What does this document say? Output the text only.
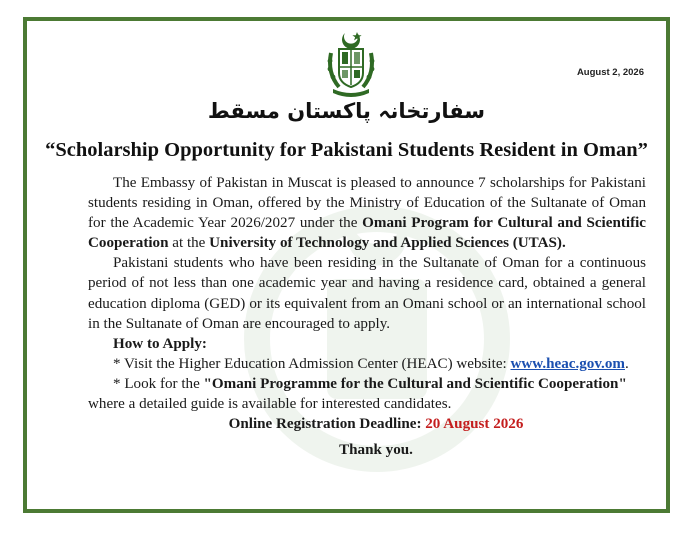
August 2, 2026
سفارتخانہ پاکستان مسقط
“Scholarship Opportunity for Pakistani Students Resident in Oman”

The Embassy of Pakistan in Muscat is pleased to announce 7 scholarships for Pakistani students residing in Oman, offered by the Ministry of Education of the Sultanate of Oman for the Academic Year 2026/2027 under the Omani Program for Cultural and Scientific Cooperation at the University of Technology and Applied Sciences (UTAS).

Pakistani students who have been residing in the Sultanate of Oman for a continuous period of not less than one academic year and having a residence card, obtained a general education diploma (GED) or its equivalent from an Omani school or an international school in the Sultanate of Oman are encouraged to apply.

How to Apply:

* Visit the Higher Education Admission Center (HEAC) website: www.heac.gov.om.

* Look for the "Omani Programme for the Cultural and Scientific Cooperation"

where a detailed guide is available for interested candidates.

Online Registration Deadline: 20 August 2026

Thank you.
